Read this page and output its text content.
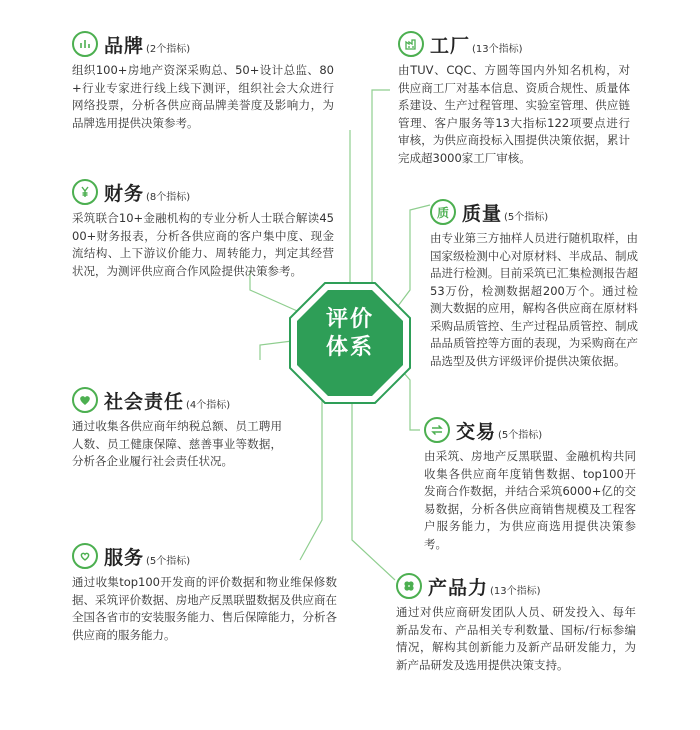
评价
体系
品牌 (2个指标)
组织100+房地产资深采购总、50+设计总监、80+行业专家进行线上线下测评，组织社会大众进行网络投票，分析各供应商品牌美誉度及影响力，为品牌选用提供决策参考。
财务 (8个指标)
采筑联合10+金融机构的专业分析人士联合解读4500+财务报表，分析各供应商的客户集中度、现金流结构、上下游议价能力、周转能力，判定其经营状况，为测评供应商合作风险提供决策参考。
社会责任 (4个指标)
通过收集各供应商年纳税总额、员工聘用人数、员工健康保障、慈善事业等数据，分析各企业履行社会责任状况。
服务 (5个指标)
通过收集top100开发商的评价数据和物业维保修数据、采筑评价数据、房地产反黑联盟数据及供应商在全国各省市的安装服务能力、售后保障能力，分析各供应商的服务能力。
工厂 (13个指标)
由TUV、CQC、方圆等国内外知名机构，对供应商工厂对基本信息、资质合规性、质量体系建设、生产过程管理、实验室管理、供应链管理、客户服务等13大指标122项要点进行审核，为供应商投标入围提供决策依据，累计完成超3000家工厂审核。
质 质量 (5个指标)
由专业第三方抽样人员进行随机取样，由国家级检测中心对原材料、半成品、制成品进行检测。目前采筑已汇集检测报告超53万份，检测数据超200万个。通过检测大数据的应用，解构各供应商在原材料采购品质管控、生产过程品质管控、制成品品质管控等方面的表现，为采购商在产品选型及供方评级评价提供决策依据。
交易 (5个指标)
由采筑、房地产反黑联盟、金融机构共同收集各供应商年度销售数据、top100开发商合作数据，并结合采筑6000+亿的交易数据，分析各供应商销售规模及工程客户服务能力，为供应商选用提供决策参考。
产品力 (13个指标)
通过对供应商研发团队人员、研发投入、每年新品发布、产品相关专利数量、国标/行标参编情况，解构其创新能力及新产品研发能力，为新产品研发及选用提供决策支持。
